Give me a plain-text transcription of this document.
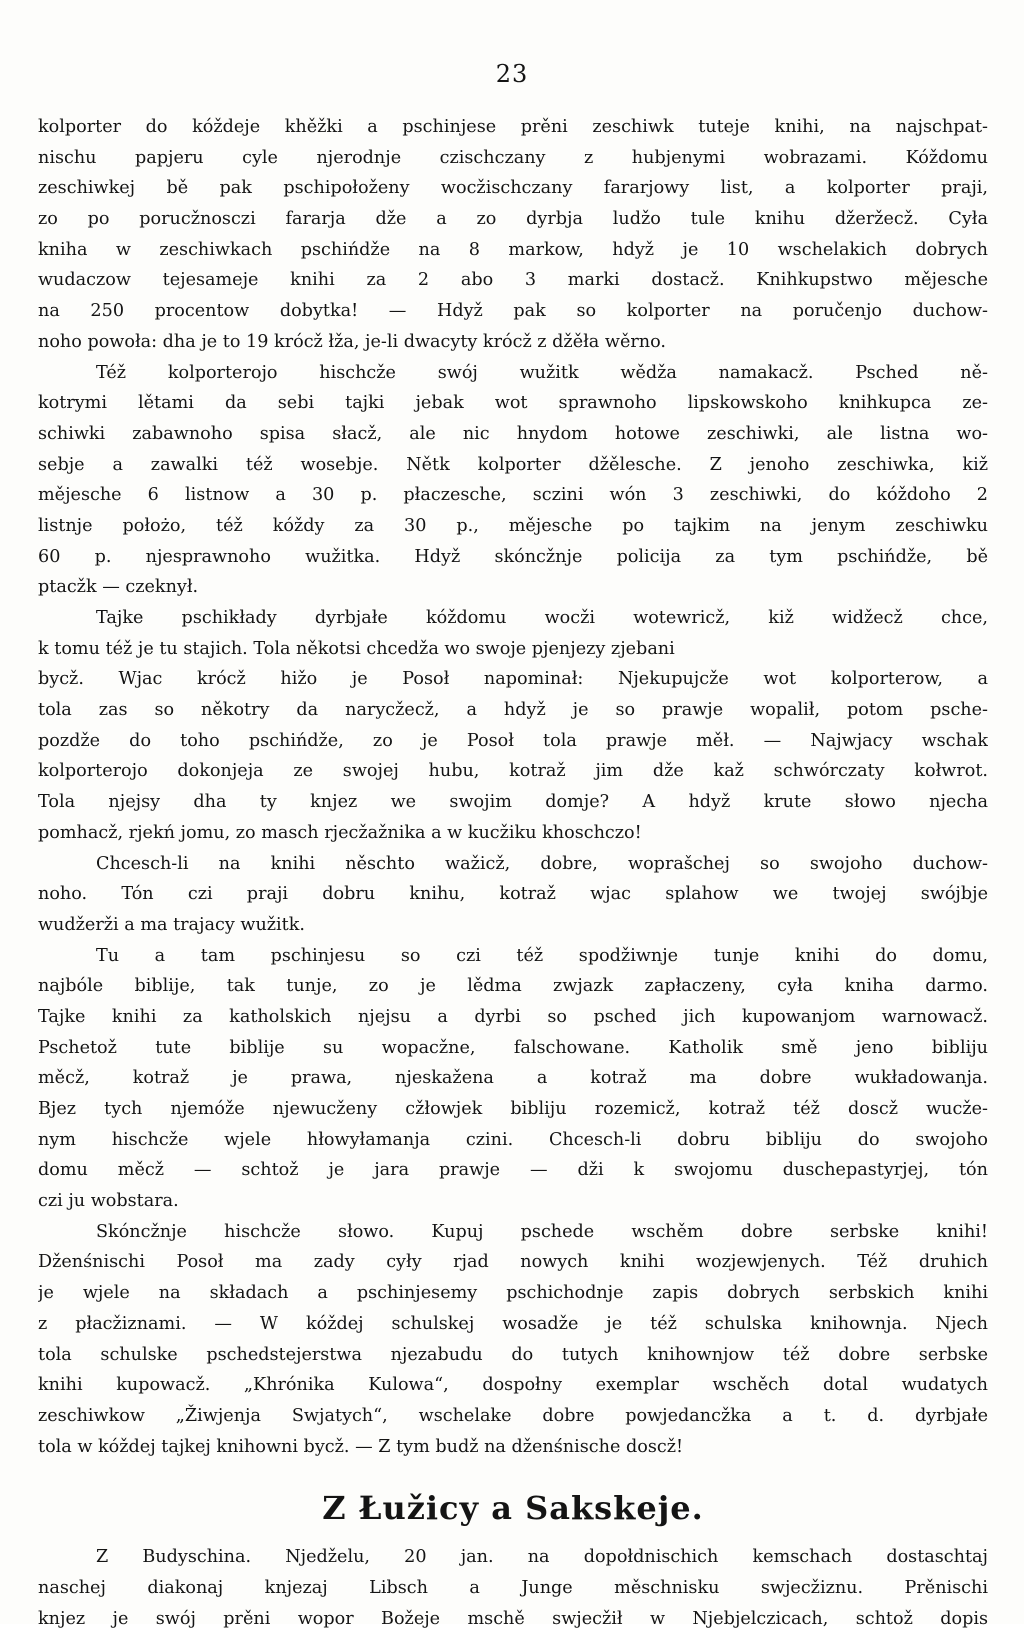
23
kolporter do kóždeje khěžki a pschinjese prěni zeschiwk tuteje knihi, na najschpat-
nischu papjeru cyle njerodnje czischczany z hubjenymi wobrazami. Kóždomu
zeschiwkej bě pak pschipołoženy wocžischczany fararjowy list, a kolporter praji,
zo po porucžnosczi fararja dže a zo dyrbja ludžo tule knihu džeržecž. Cyła
kniha w zeschiwkach pschińdže na 8 markow, hdyž je 10 wschelakich dobrych
wudaczow tejesameje knihi za 2 abo 3 marki dostacž. Knihkupstwo mějesche
na 250 procentow dobytka! — Hdyž pak so kolporter na poručenjo duchow-
noho powoła: dha je to 19 krócž łža, je-li dwacyty krócž z džěła wěrno.
Též kolporterojo hischcže swój wužitk wědža namakacž. Psched ně-
kotrymi lětami da sebi tajki jebak wot sprawnoho lipskowskoho knihkupca ze-
schiwki zabawnoho spisa słacž, ale nic hnydom hotowe zeschiwki, ale listna wo-
sebje a zawalki též wosebje. Nětk kolporter džělesche. Z jenoho zeschiwka, kiž
mějesche 6 listnow a 30 p. płaczesche, sczini wón 3 zeschiwki, do kóždoho 2
listnje położo, též kóždy za 30 p., mějesche po tajkim na jenym zeschiwku
60 p. njesprawnoho wužitka. Hdyž skóncžnje policija za tym pschińdže, bě
ptacžk — czeknył.
Tajke pschikłady dyrbjałe kóždomu wocži wotewricž, kiž widžecž chce,
k tomu též je tu stajich. Tola někotsi chcedža wo swoje pjenjezy zjebani
bycž. Wjac krócž hižo je Posoł napominał: Njekupujcže wot kolporterow, a
tola zas so někotry da narycžecž, a hdyž je so prawje wopalił, potom psche-
pozdže do toho pschińdže, zo je Posoł tola prawje měł. — Najwjacy wschak
kolporterojo dokonjeja ze swojej hubu, kotraž jim dže kaž schwórczaty kołwrot.
Tola njejsy dha ty knjez we swojim domje? A hdyž krute słowo njecha
pomhacž, rjekń jomu, zo masch rjecžažnika a w kucžiku khoschczo!
Chcesch-li na knihi něschto wažicž, dobre, woprašchej so swojoho duchow-
noho. Tón czi praji dobru knihu, kotraž wjac splahow we twojej swójbje
wudžerži a ma trajacy wužitk.
Tu a tam pschinjesu so czi též spodžiwnje tunje knihi do domu,
najbóle biblije, tak tunje, zo je lědma zwjazk zapłaczeny, cyła kniha darmo.
Tajke knihi za katholskich njejsu a dyrbi so psched jich kupowanjom warnowacž.
Pschetož tute biblije su wopacžne, falschowane. Katholik smě jeno bibliju
měcž, kotraž je prawa, njeskažena a kotraž ma dobre wukładowanja.
Bjez tych njemóže njewucženy cžłowjek bibliju rozemicž, kotraž též doscž wucže-
nym hischcže wjele hłowyłamanja czini. Chcesch-li dobru bibliju do swojoho
domu měcž — schtož je jara prawje — dži k swojomu duschepastyrjej, tón
czi ju wobstara.
Skóncžnje hischcže słowo. Kupuj pschede wschěm dobre serbske knihi!
Dženśnischi Posoł ma zady cyły rjad nowych knihi wozjewjenych. Též druhich
je wjele na składach a pschinjesemy pschichodnje zapis dobrych serbskich knihi
z płacžiznami. — W kóždej schulskej wosadže je též schulska knihownja. Njech
tola schulske pschedstejerstwa njezabudu do tutych knihownjow též dobre serbske
knihi kupowacž. „Khrónika Kulowa“, dospołny exemplar wschěch dotal wudatych
zeschiwkow „Žiwjenja Swjatych“, wschelake dobre powjedancžka a t. d. dyrbjałe
tola w kóždej tajkej knihowni bycž. — Z tym budž na dženśnische doscž!
Z Łužicy a Sakskeje.
Z Budyschina. Njedželu, 20 jan. na dopołdnischich kemschach dostaschtaj
naschej diakonaj knjezaj Libsch a Junge měschnisku swjecžiznu. Prěnischi
knjez je swój prěni wopor Božeje mschě swjecžił w Njebjelczicach, schtož dopis
